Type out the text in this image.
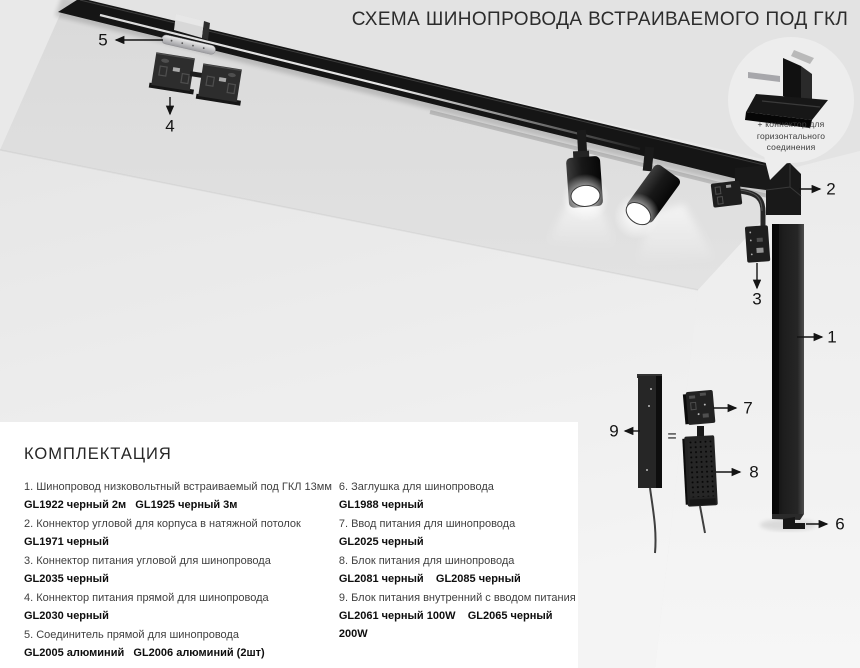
СХЕМА ШИНОПРОВОДА ВСТРАИВАЕМОГО ПОД ГКЛ
+ коннектор для
горизонтального
соединения
5
4
2
3
1
9
7
8
6
=
КОМПЛЕКТАЦИЯ
1. Шинопровод низковольтный встраиваемый под ГКЛ 13мм
GL1922 черный 2м   GL1925 черный 3м
2. Коннектор угловой для корпуса в натяжной потолок
GL1971 черный
3. Коннектор питания угловой для шинопровода
GL2035 черный
4. Коннектор питания прямой для шинопровода
GL2030 черный
5. Соединитель прямой для шинопровода
GL2005 алюминий   GL2006 алюминий (2шт)
6. Заглушка для шинопровода
GL1988 черный
7. Ввод питания для шинопровода
GL2025 черный
8. Блок питания для шинопровода
GL2081 черный    GL2085 черный
9. Блок питания внутренний с вводом питания
GL2061 черный 100W    GL2065 черный 200W
